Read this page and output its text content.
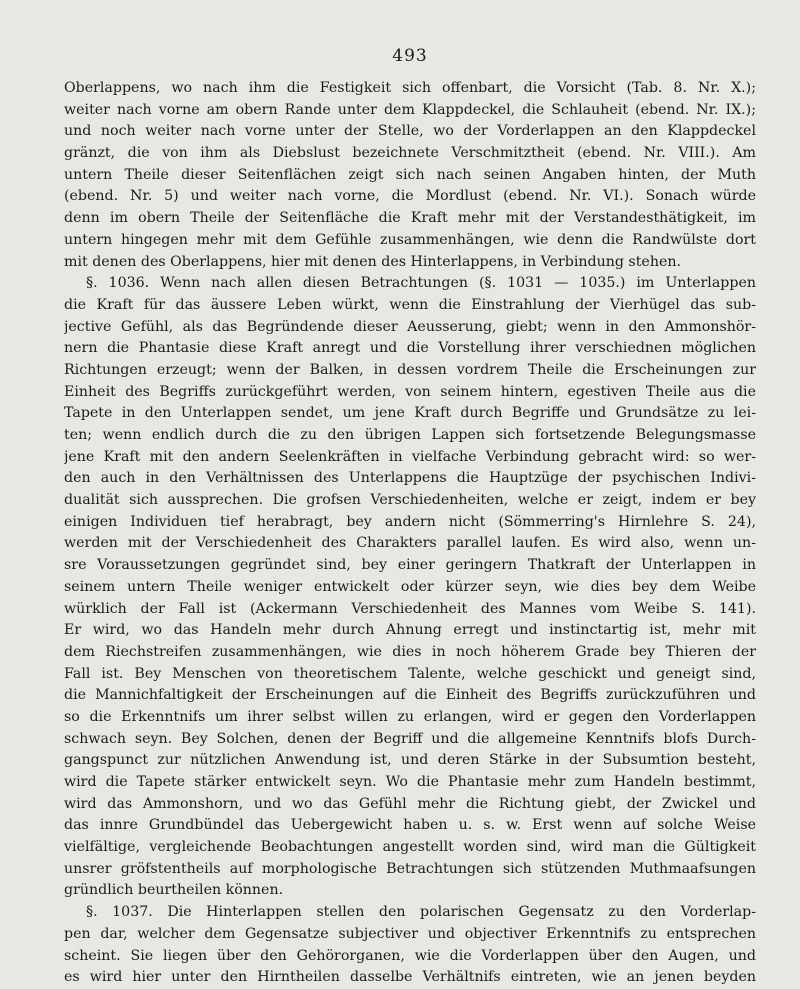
493
Oberlappens, wo nach ihm die Festigkeit sich offenbart, die Vorsicht (Tab. 8. Nr. X.);
weiter nach vorne am obern Rande unter dem Klappdeckel, die Schlauheit (ebend. Nr. IX.);
und noch weiter nach vorne unter der Stelle, wo der Vorderlappen an den Klappdeckel
gränzt, die von ihm als Diebslust bezeichnete Verschmitztheit (ebend. Nr. VIII.). Am
untern Theile dieser Seitenflächen zeigt sich nach seinen Angaben hinten, der Muth
(ebend. Nr. 5) und weiter nach vorne, die Mordlust (ebend. Nr. VI.). Sonach würde
denn im obern Theile der Seitenfläche die Kraft mehr mit der Verstandesthätigkeit, im
untern hingegen mehr mit dem Gefühle zusammenhängen, wie denn die Randwülste dort
mit denen des Oberlappens, hier mit denen des Hinterlappens, in Verbindung stehen.
§. 1036. Wenn nach allen diesen Betrachtungen (§. 1031 — 1035.) im Unterlappen
die Kraft für das äussere Leben würkt, wenn die Einstrahlung der Vierhügel das sub-
jective Gefühl, als das Begründende dieser Aeusserung, giebt; wenn in den Ammonshör-
nern die Phantasie diese Kraft anregt und die Vorstellung ihrer verschiednen möglichen
Richtungen erzeugt; wenn der Balken, in dessen vordrem Theile die Erscheinungen zur
Einheit des Begriffs zurückgeführt werden, von seinem hintern, egestiven Theile aus die
Tapete in den Unterlappen sendet, um jene Kraft durch Begriffe und Grundsätze zu lei-
ten; wenn endlich durch die zu den übrigen Lappen sich fortsetzende Belegungsmasse
jene Kraft mit den andern Seelenkräften in vielfache Verbindung gebracht wird: so wer-
den auch in den Verhältnissen des Unterlappens die Hauptzüge der psychischen Indivi-
dualität sich aussprechen. Die grofsen Verschiedenheiten, welche er zeigt, indem er bey
einigen Individuen tief herabragt, bey andern nicht (Sömmerring's Hirnlehre S. 24),
werden mit der Verschiedenheit des Charakters parallel laufen. Es wird also, wenn un-
sre Voraussetzungen gegründet sind, bey einer geringern Thatkraft der Unterlappen in
seinem untern Theile weniger entwickelt oder kürzer seyn, wie dies bey dem Weibe
würklich der Fall ist (Ackermann Verschiedenheit des Mannes vom Weibe S. 141).
Er wird, wo das Handeln mehr durch Ahnung erregt und instinctartig ist, mehr mit
dem Riechstreifen zusammenhängen, wie dies in noch höherem Grade bey Thieren der
Fall ist. Bey Menschen von theoretischem Talente, welche geschickt und geneigt sind,
die Mannichfaltigkeit der Erscheinungen auf die Einheit des Begriffs zurückzuführen und
so die Erkenntnifs um ihrer selbst willen zu erlangen, wird er gegen den Vorderlappen
schwach seyn. Bey Solchen, denen der Begriff und die allgemeine Kenntnifs blofs Durch-
gangspunct zur nützlichen Anwendung ist, und deren Stärke in der Subsumtion besteht,
wird die Tapete stärker entwickelt seyn. Wo die Phantasie mehr zum Handeln bestimmt,
wird das Ammonshorn, und wo das Gefühl mehr die Richtung giebt, der Zwickel und
das innre Grundbündel das Uebergewicht haben u. s. w. Erst wenn auf solche Weise
vielfältige, vergleichende Beobachtungen angestellt worden sind, wird man die Gültigkeit
unsrer gröfstentheils auf morphologische Betrachtungen sich stützenden Muthmaafsungen
gründlich beurtheilen können.
§. 1037. Die Hinterlappen stellen den polarischen Gegensatz zu den Vorderlap-
pen dar, welcher dem Gegensatze subjectiver und objectiver Erkenntnifs zu entsprechen
scheint. Sie liegen über den Gehörorganen, wie die Vorderlappen über den Augen, und
es wird hier unter den Hirntheilen dasselbe Verhältnifs eintreten, wie an jenen beyden
